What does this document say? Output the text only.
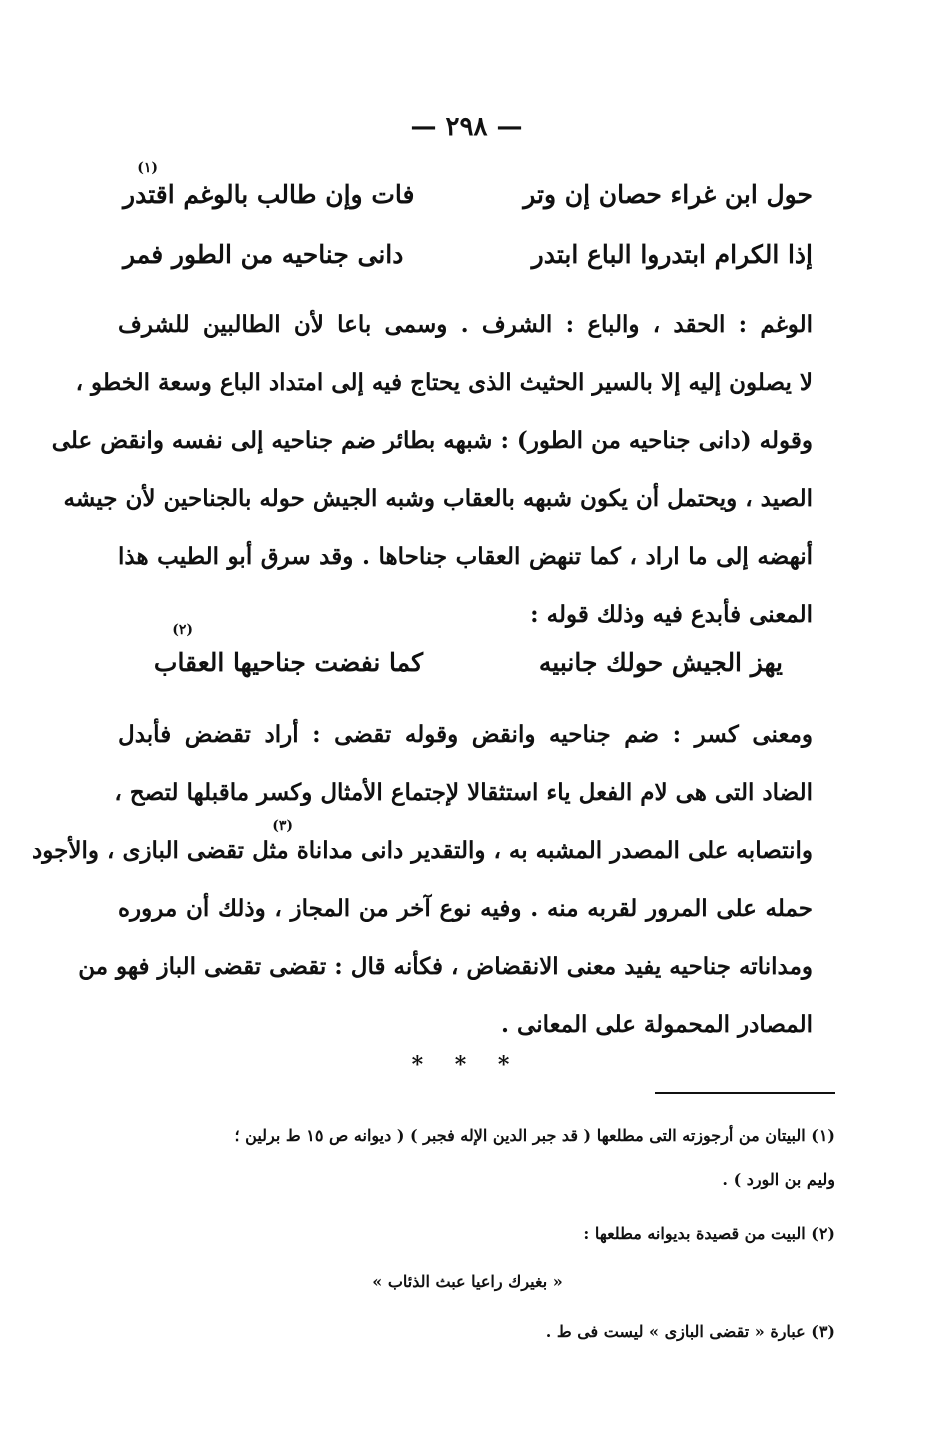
— ٢٩٨ —
(١)
حول ابن غراء حصان إن وتر
فات وإن طالب بالوغم اقتدر
إذا الكرام ابتدروا الباع ابتدر
دانى جناحيه من الطور فمر
الوغم : الحقد ، والباع : الشرف . وسمى باعا لأن الطالبين للشرف
لا يصلون إليه إلا بالسير الحثيث الذى يحتاج فيه إلى امتداد الباع وسعة الخطو ،
وقوله (دانى جناحيه من الطور) : شبهه بطائر ضم جناحيه إلى نفسه وانقض على
الصيد ، ويحتمل أن يكون شبهه بالعقاب وشبه الجيش حوله بالجناحين لأن جيشه
أنهضه إلى ما اراد ، كما تنهض العقاب جناحاها . وقد سرق أبو الطيب هذا
المعنى فأبدع فيه وذلك قوله :
(٢)
يهز الجيش حولك جانبيه
كما نفضت جناحيها العقاب
ومعنى كسر : ضم جناحيه وانقض وقوله تقضى : أراد تقضض فأبدل
الضاد التى هى لام الفعل ياء استثقالا لإجتماع الأمثال وكسر ماقبلها لتصح ،
وانتصابه على المصدر المشبه به ، والتقدير دانى مداناة مثل تقضى البازى ، والأجود
حمله على المرور لقربه منه . وفيه نوع آخر من المجاز ، وذلك أن مروره
ومداناته جناحيه يفيد معنى الانقضاض ، فكأنه قال : تقضى تقضى الباز فهو من
المصادر المحمولة على المعانى .
(٣)
* * *
(١) البيتان من أرجوزته التى مطلعها ( قد جبر الدين الإله فجبر ) ( ديوانه ص ١٥ ط برلين ؛
وليم بن الورد ) .
(٢) البيت من قصيدة بديوانه مطلعها :
« بغيرك راعيا عبث الذئاب »
(٣) عبارة « تقضى البازى » ليست فى ط .
